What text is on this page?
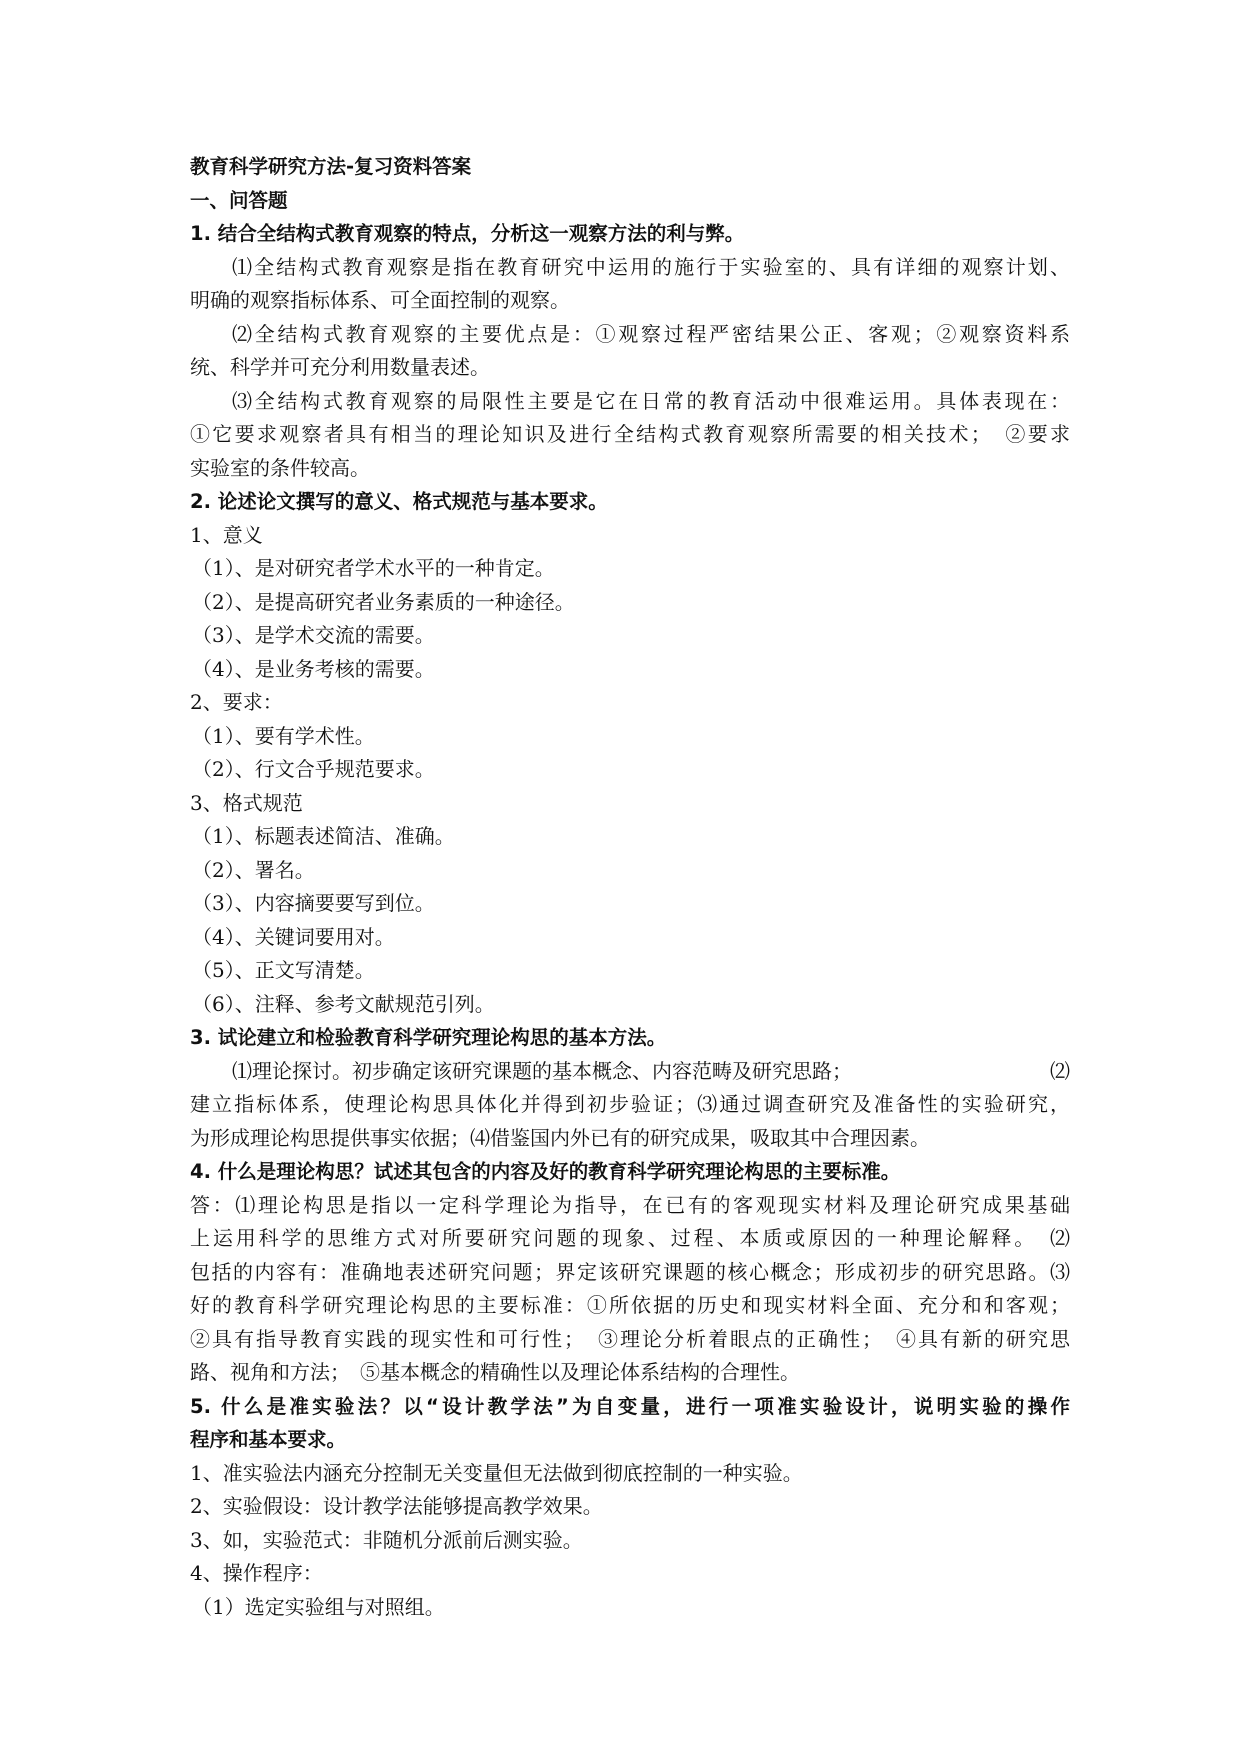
教育科学研究方法-复习资料答案
一、问答题
1. 结合全结构式教育观察的特点，分析这一观察方法的利与弊。
⑴全结构式教育观察是指在教育研究中运用的施行于实验室的、具有详细的观察计划、
明确的观察指标体系、可全面控制的观察。
⑵全结构式教育观察的主要优点是：①观察过程严密结果公正、客观；②观察资料系
统、科学并可充分利用数量表述。
⑶全结构式教育观察的局限性主要是它在日常的教育活动中很难运用。具体表现在：
①它要求观察者具有相当的理论知识及进行全结构式教育观察所需要的相关技术；　②要求
实验室的条件较高。
2. 论述论文撰写的意义、格式规范与基本要求。
1、意义
（1）、是对研究者学术水平的一种肯定。
（2）、是提高研究者业务素质的一种途径。
（3）、是学术交流的需要。
（4）、是业务考核的需要。
2、要求：
（1）、要有学术性。
（2）、行文合乎规范要求。
3、格式规范
（1）、标题表述简洁、准确。
（2）、署名。
（3）、内容摘要要写到位。
（4）、关键词要用对。
（5）、正文写清楚。
（6）、注释、参考文献规范引列。
3. 试论建立和检验教育科学研究理论构思的基本方法。
⑴理论探讨。初步确定该研究课题的基本概念、内容范畴及研究思路；	⑵
建立指标体系，使理论构思具体化并得到初步验证；⑶通过调查研究及准备性的实验研究，
为形成理论构思提供事实依据；⑷借鉴国内外已有的研究成果，吸取其中合理因素。
4. 什么是理论构思？试述其包含的内容及好的教育科学研究理论构思的主要标准。
答：⑴理论构思是指以一定科学理论为指导，在已有的客观现实材料及理论研究成果基础
上运用科学的思维方式对所要研究问题的现象、过程、本质或原因的一种理论解释。　⑵
包括的内容有：准确地表述研究问题；界定该研究课题的核心概念；形成初步的研究思路。⑶
好的教育科学研究理论构思的主要标准：①所依据的历史和现实材料全面、充分和和客观；
②具有指导教育实践的现实性和可行性；　③理论分析着眼点的正确性；　④具有新的研究思
路、视角和方法；　⑤基本概念的精确性以及理论体系结构的合理性。
5. 什么是准实验法？以“设计教学法”为自变量，进行一项准实验设计，说明实验的操作
程序和基本要求。
1、准实验法内涵充分控制无关变量但无法做到彻底控制的一种实验。
2、实验假设：设计教学法能够提高教学效果。
3、如，实验范式：非随机分派前后测实验。
4、操作程序：
（1）选定实验组与对照组。
